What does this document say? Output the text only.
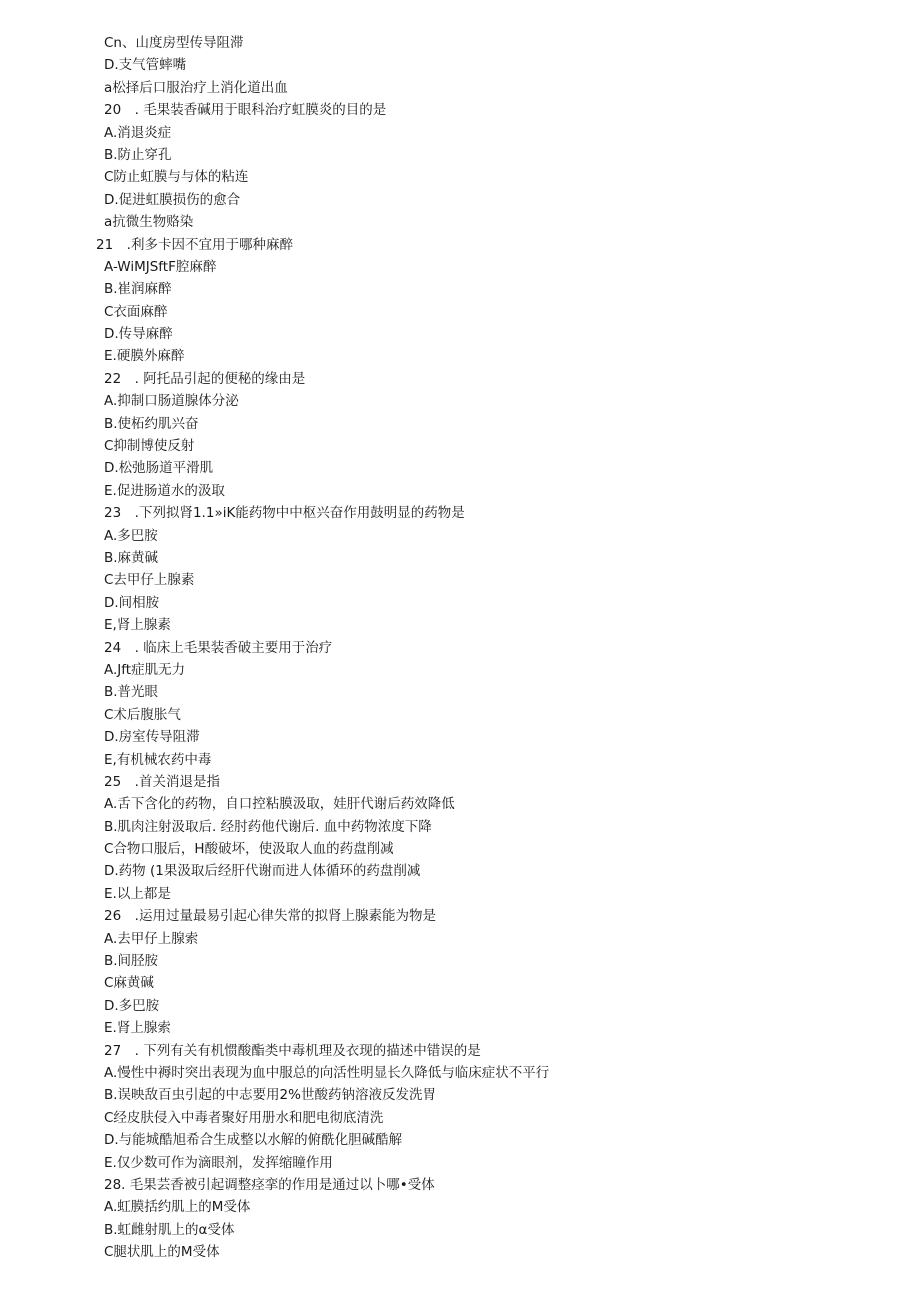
Cn、山度房型传导阻滞
D.支气管蟀嘴
a松择后口服治疗上消化道出血
20　. 毛果装香碱用于眼科治疗虹膜炎的目的是
A.消退炎症
B.防止穿孔
C防止虹膜与与体的粘连
D.促进虹膜损伤的愈合
a抗微生物赂染
21　.利多卡因不宜用于哪种麻醉
A-WiMJSftF腔麻醉
B.崔润麻醉
C衣面麻醉
D.传导麻醉
E.硬膜外麻醉
22　. 阿托品引起的便秘的缘由是
A.抑制口肠道腺体分泌
B.使柘约肌兴奋
C抑制博使反射
D.松弛肠道平滑肌
E.促进肠道水的汲取
23　.下列拟肾1.1»iK能药物中中枢兴奋作用鼓明显的药物是
A.多巴胺
B.麻黄碱
C去甲仔上腺素
D.间相胺
E,肾上腺素
24　. 临床上毛果装香破主要用于治疗
A.Jft症肌无力
B.普光眼
C术后腹胀气
D.房室传导阻滞
E,有机械农药中毒
25　.首关消退是指
A.舌下含化的药物，自口控粘膜汲取，娃肝代谢后药效降低
B.肌肉注射汲取后. 经肘药他代谢后. 血中药物浓度下降
C合物口服后，H酸破坏，使汲取人血的药盘削减
D.药物 (1果汲取后经肝代谢而进人体循环的药盘削减
E.以上都是
26　.运用过量最易引起心律失常的拟肾上腺素能为物是
A.去甲仔上腺索
B.间胫胺
C麻黄碱
D.多巴胺
E.肾上腺索
27　. 下列有关有机惯酸酯类中毒机理及衣现的描述中错误的是
A.慢性中褥时突出表现为血中服总的向活性明显长久降低与临床症状不平行
B.误映敌百虫引起的中志要用2%世酸药钠溶液反发洗胃
C经皮肤侵入中毒者聚好用册水和肥电彻底清洗
D.与能城酷旭希合生成整以水解的俯酰化胆碱酷解
E.仅少数可作为滴眼剂，发挥缩瞳作用
28. 毛果芸香被引起调整痉挛的作用是通过以卜哪•受体
A.虹膜括约肌上的M受体
B.虹雌射肌上的α受体
C腿状肌上的M受体
